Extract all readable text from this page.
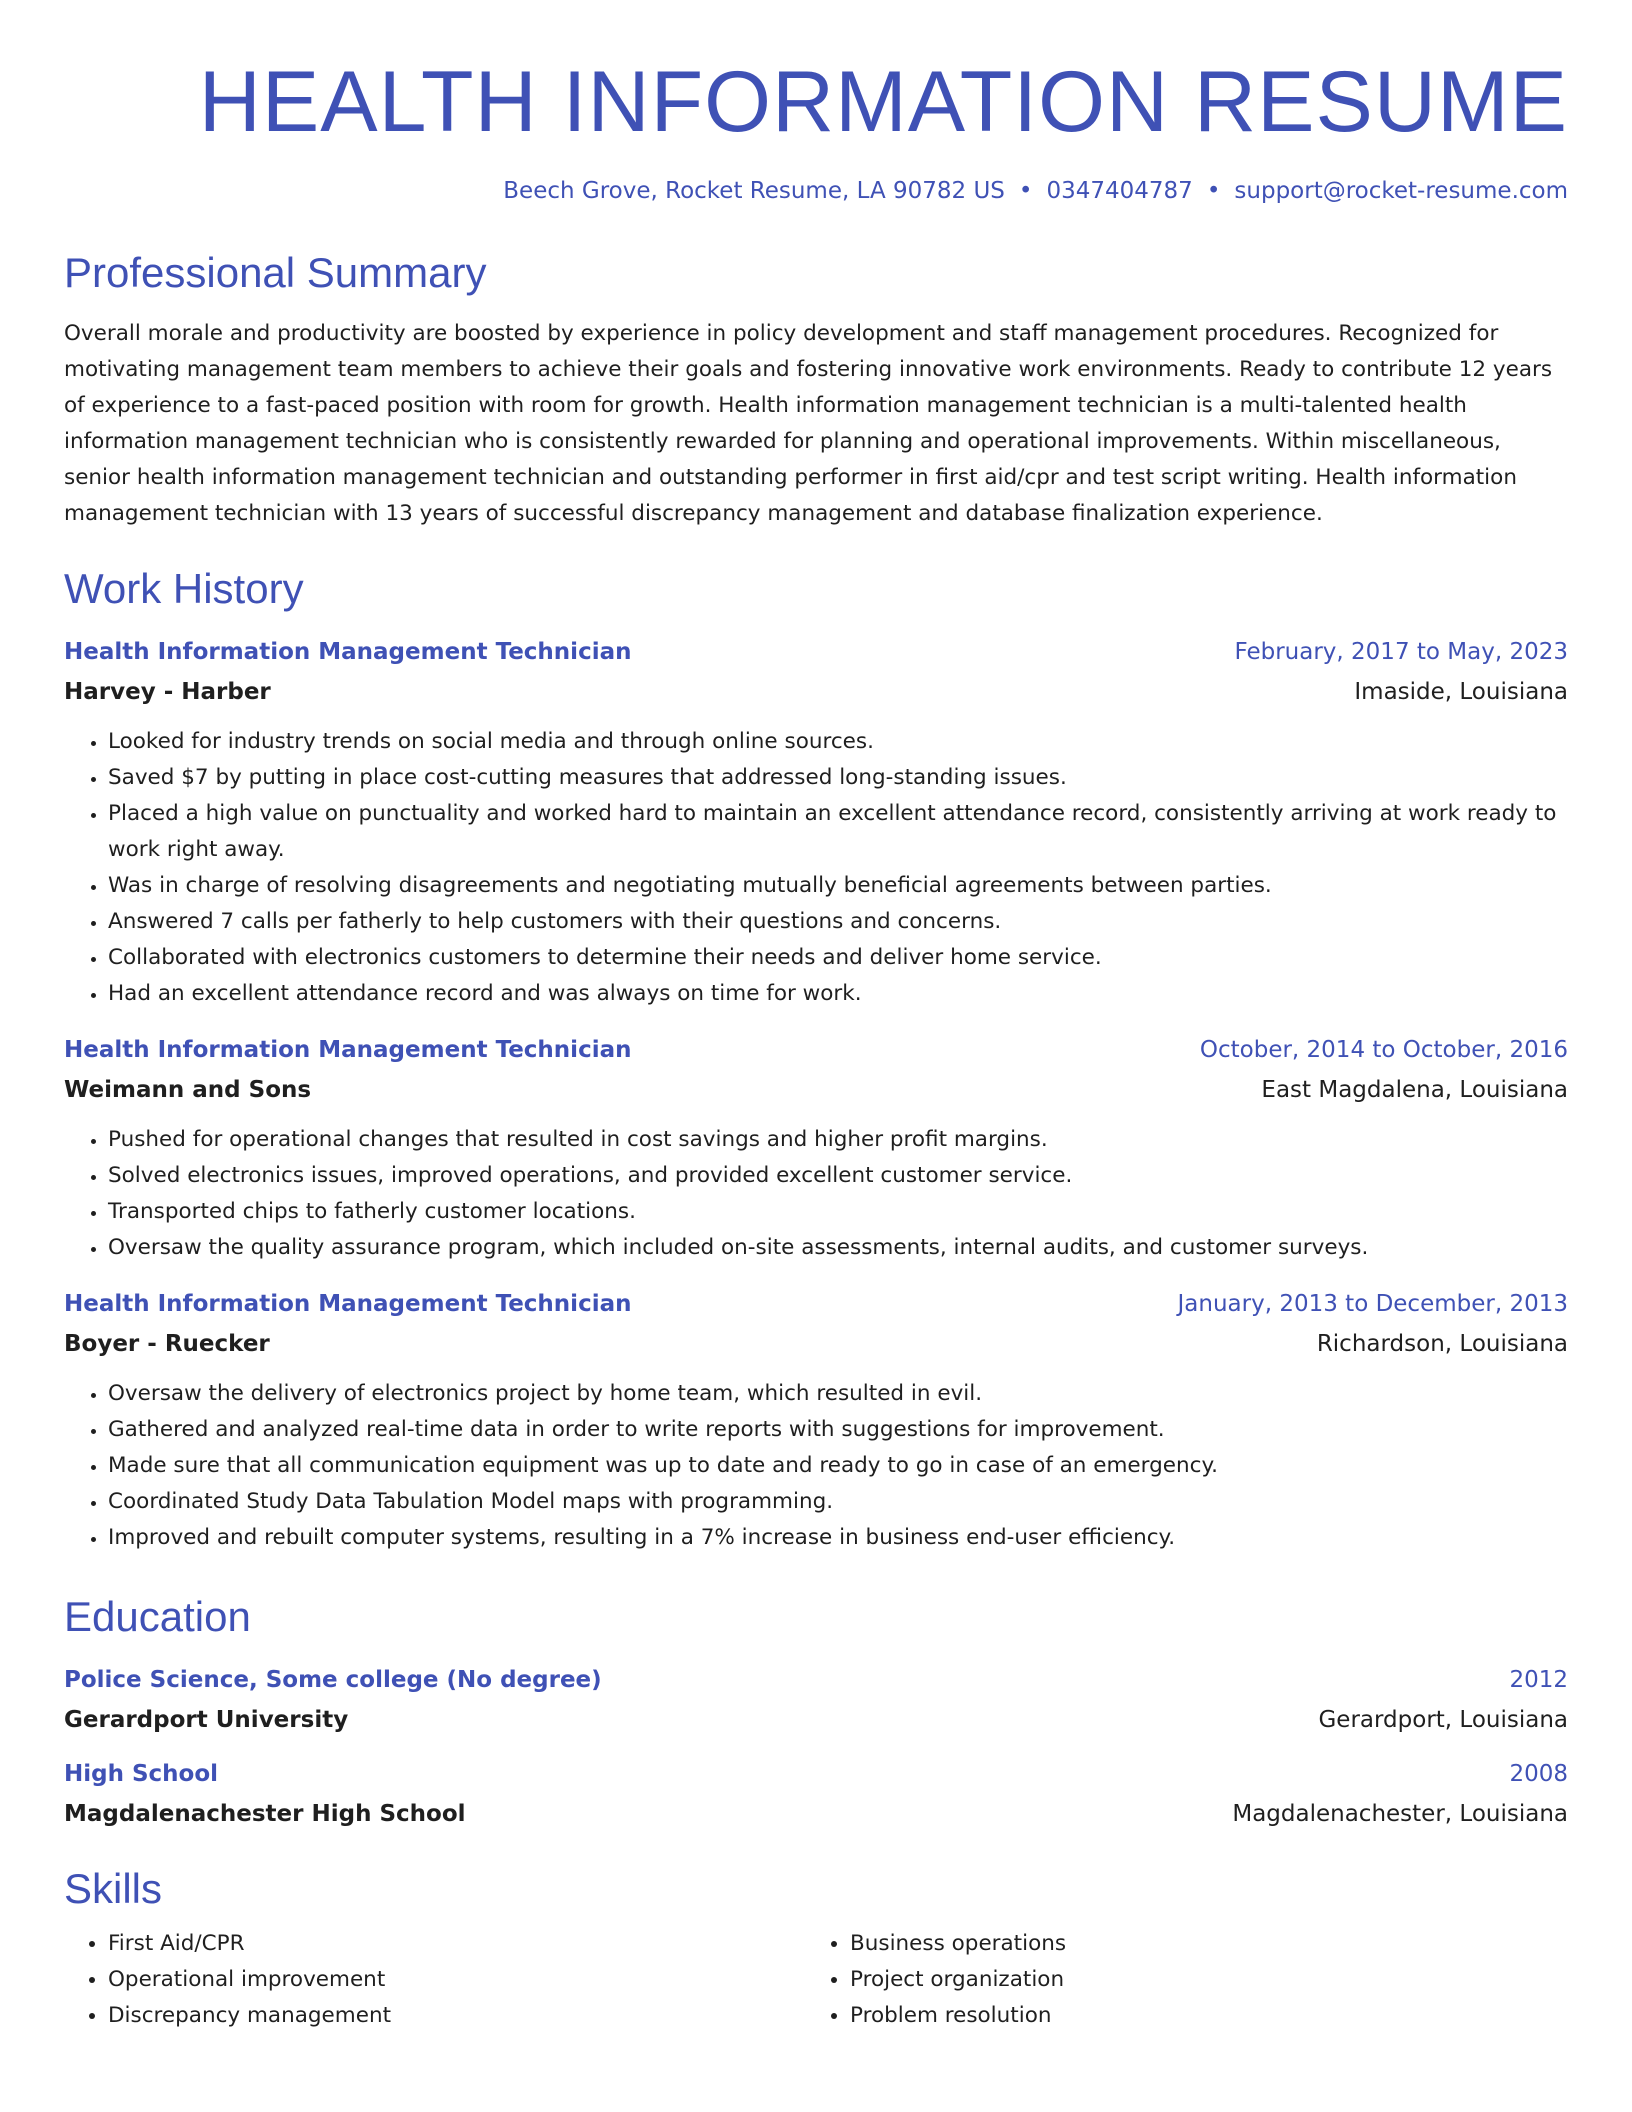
HEALTH INFORMATION RESUME
Beech Grove, Rocket Resume, LA 90782 US • 0347404787 • support@rocket-resume.com
Professional Summary

Overall morale and productivity are boosted by experience in policy development and staff management procedures. Recognized for motivating management team members to achieve their goals and fostering innovative work environments. Ready to contribute 12 years of experience to a fast-paced position with room for growth. Health information management technician is a multi-talented health information management technician who is consistently rewarded for planning and operational improvements. Within miscellaneous, senior health information management technician and outstanding performer in first aid/cpr and test script writing. Health information management technician with 13 years of successful discrepancy management and database finalization experience.

Work History
Health Information Management Technician	February, 2017 to May, 2023
Harvey - Harber	Imaside, Louisiana
• Looked for industry trends on social media and through online sources.
• Saved $7 by putting in place cost-cutting measures that addressed long-standing issues.
• Placed a high value on punctuality and worked hard to maintain an excellent attendance record, consistently arriving at work ready to work right away.
• Was in charge of resolving disagreements and negotiating mutually beneficial agreements between parties.
• Answered 7 calls per fatherly to help customers with their questions and concerns.
• Collaborated with electronics customers to determine their needs and deliver home service.
• Had an excellent attendance record and was always on time for work.
Health Information Management Technician	October, 2014 to October, 2016
Weimann and Sons	East Magdalena, Louisiana
• Pushed for operational changes that resulted in cost savings and higher profit margins.
• Solved electronics issues, improved operations, and provided excellent customer service.
• Transported chips to fatherly customer locations.
• Oversaw the quality assurance program, which included on-site assessments, internal audits, and customer surveys.
Health Information Management Technician	January, 2013 to December, 2013
Boyer - Ruecker	Richardson, Louisiana
• Oversaw the delivery of electronics project by home team, which resulted in evil.
• Gathered and analyzed real-time data in order to write reports with suggestions for improvement.
• Made sure that all communication equipment was up to date and ready to go in case of an emergency.
• Coordinated Study Data Tabulation Model maps with programming.
• Improved and rebuilt computer systems, resulting in a 7% increase in business end-user efficiency.
Education
Police Science, Some college (No degree)	2012
Gerardport University	Gerardport, Louisiana
High School	2008
Magdalenachester High School	Magdalenachester, Louisiana
Skills
• First Aid/CPR
• Operational improvement
• Discrepancy management
• Business operations
• Project organization
• Problem resolution
